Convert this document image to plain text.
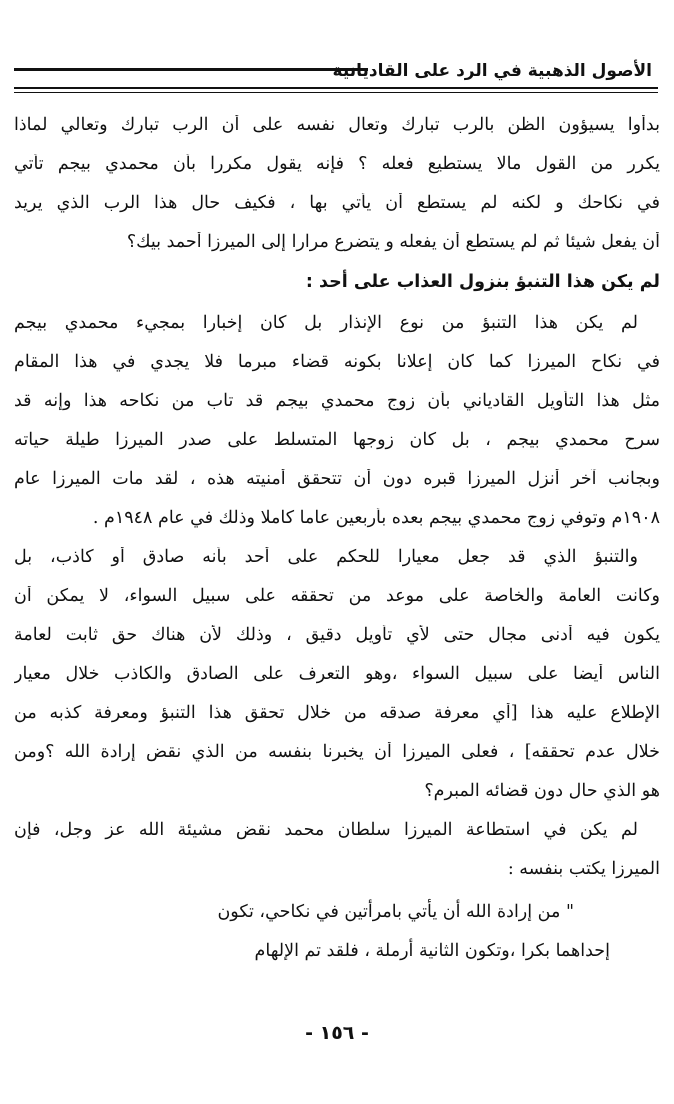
الأصول الذهبية في الرد على القاديانية
بدأوا يسيؤون الظن بالرب تبارك وتعال نفسه على أن الرب تبارك وتعالي لماذا
يكرر من القول مالا يستطيع فعله ؟ فإنه يقول مكررا بأن محمدي بيجم تأتي
في نكاحك و لكنه لم يستطع أن يأتي بها ، فكيف حال هذا الرب الذي يريد
أن يفعل شيئا ثم لم يستطع أن يفعله و يتضرع مرارا إلى الميرزا أحمد بيك؟
لم يكن هذا التنبؤ بنزول العذاب على أحد :
لم يكن هذا التنبؤ من نوع الإنذار بل كان إخبارا بمجيء محمدي بيجم
في نكاح الميرزا كما كان إعلانا بكونه قضاء مبرما فلا يجدي في هذا المقام
مثل هذا التأويل القادياني بأن زوج محمدي بيجم قد تاب من نكاحه هذا وإنه قد
سرح محمدي بيجم ، بل كان زوجها المتسلط على صدر الميرزا طيلة حياته
وبجانب آخر أنزل الميرزا قبره دون أن تتحقق أمنيته هذه ، لقد مات الميرزا عام
١٩٠٨م وتوفي زوج محمدي بيجم بعده بأربعين عاما كاملا وذلك في عام ١٩٤٨م .
والتنبؤ الذي قد جعل معيارا للحكم على أحد بأنه صادق أو كاذب، بل
وكانت العامة والخاصة على موعد من تحققه على سبيل السواء، لا يمكن أن
يكون فيه أدنى مجال حتى لأي تأويل دقيق ، وذلك لأن هناك حق ثابت لعامة
الناس أيضا على سبيل السواء ،وهو التعرف على الصادق والكاذب خلال معيار
الإطلاع عليه هذا [أي معرفة صدقه من خلال تحقق هذا التنبؤ ومعرفة كذبه من
خلال عدم تحققه] ، فعلى الميرزا أن يخبرنا بنفسه من الذي نقض إرادة الله ؟ومن
هو الذي حال دون قضائه المبرم؟
لم يكن في استطاعة الميرزا سلطان محمد نقض مشيئة الله عز وجل، فإن
الميرزا يكتب بنفسه :
" من إرادة الله أن يأتي بامرأتين في نكاحي، تكون
إحداهما بكرا ،وتكون الثانية أرملة ، فلقد تم الإلهام
- ١٥٦ -
